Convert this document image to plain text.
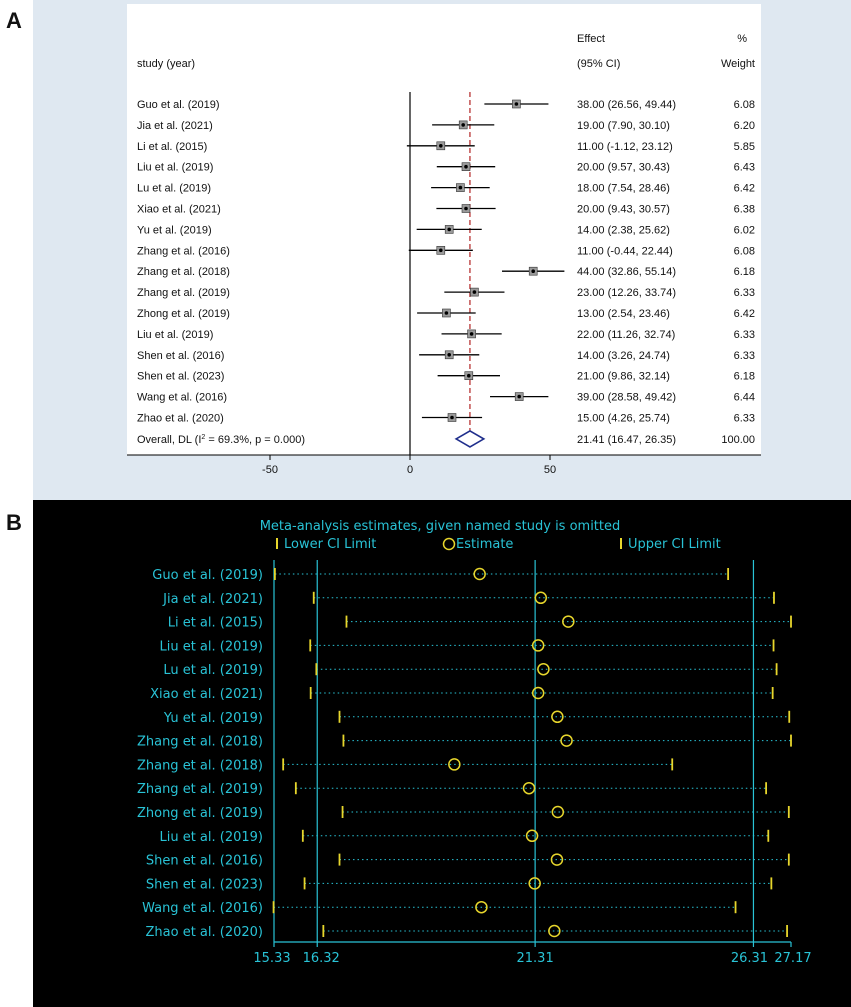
A
B
study (year)
Effect
(95% CI)
%
Weight
Guo et al. (2019)	38.00 (26.56, 49.44)	6.08
Jia et al. (2021)	19.00 (7.90, 30.10)	6.20
Li et al. (2015)	11.00 (-1.12, 23.12)	5.85
Liu et al. (2019)	20.00 (9.57, 30.43)	6.43
Lu et al. (2019)	18.00 (7.54, 28.46)	6.42
Xiao et al. (2021)	20.00 (9.43, 30.57)	6.38
Yu et al. (2019)	14.00 (2.38, 25.62)	6.02
Zhang et al. (2016)	11.00 (-0.44, 22.44)	6.08
Zhang et al. (2018)	44.00 (32.86, 55.14)	6.18
Zhang et al. (2019)	23.00 (12.26, 33.74)	6.33
Zhong et al. (2019)	13.00 (2.54, 23.46)	6.42
Liu et al. (2019)	22.00 (11.26, 32.74)	6.33
Shen et al. (2016)	14.00 (3.26, 24.74)	6.33
Shen et al. (2023)	21.00 (9.86, 32.14)	6.18
Wang et al. (2016)	39.00 (28.58, 49.42)	6.44
Zhao et al. (2020)	15.00 (4.26, 25.74)	6.33
Overall, DL ($I^2 = 69.3\%$, p = 0.000)	21.41 (16.47, 26.35)	100.00
-50	0	50
Meta-analysis estimates, given named study is omitted
Lower CI Limit	Estimate	Upper CI Limit
Guo et al. (2019)
Jia et al. (2021)
Li et al. (2015)
Liu et al. (2019)
Lu et al. (2019)
Xiao et al. (2021)
Yu et al. (2019)
Zhang et al. (2018)
Zhang et al. (2018)
Zhang et al. (2019)
Zhong et al. (2019)
Liu et al. (2019)
Shen et al. (2016)
Shen et al. (2023)
Wang et al. (2016)
Zhao et al. (2020)
15.33 16.32	21.31	26.31 27.17
